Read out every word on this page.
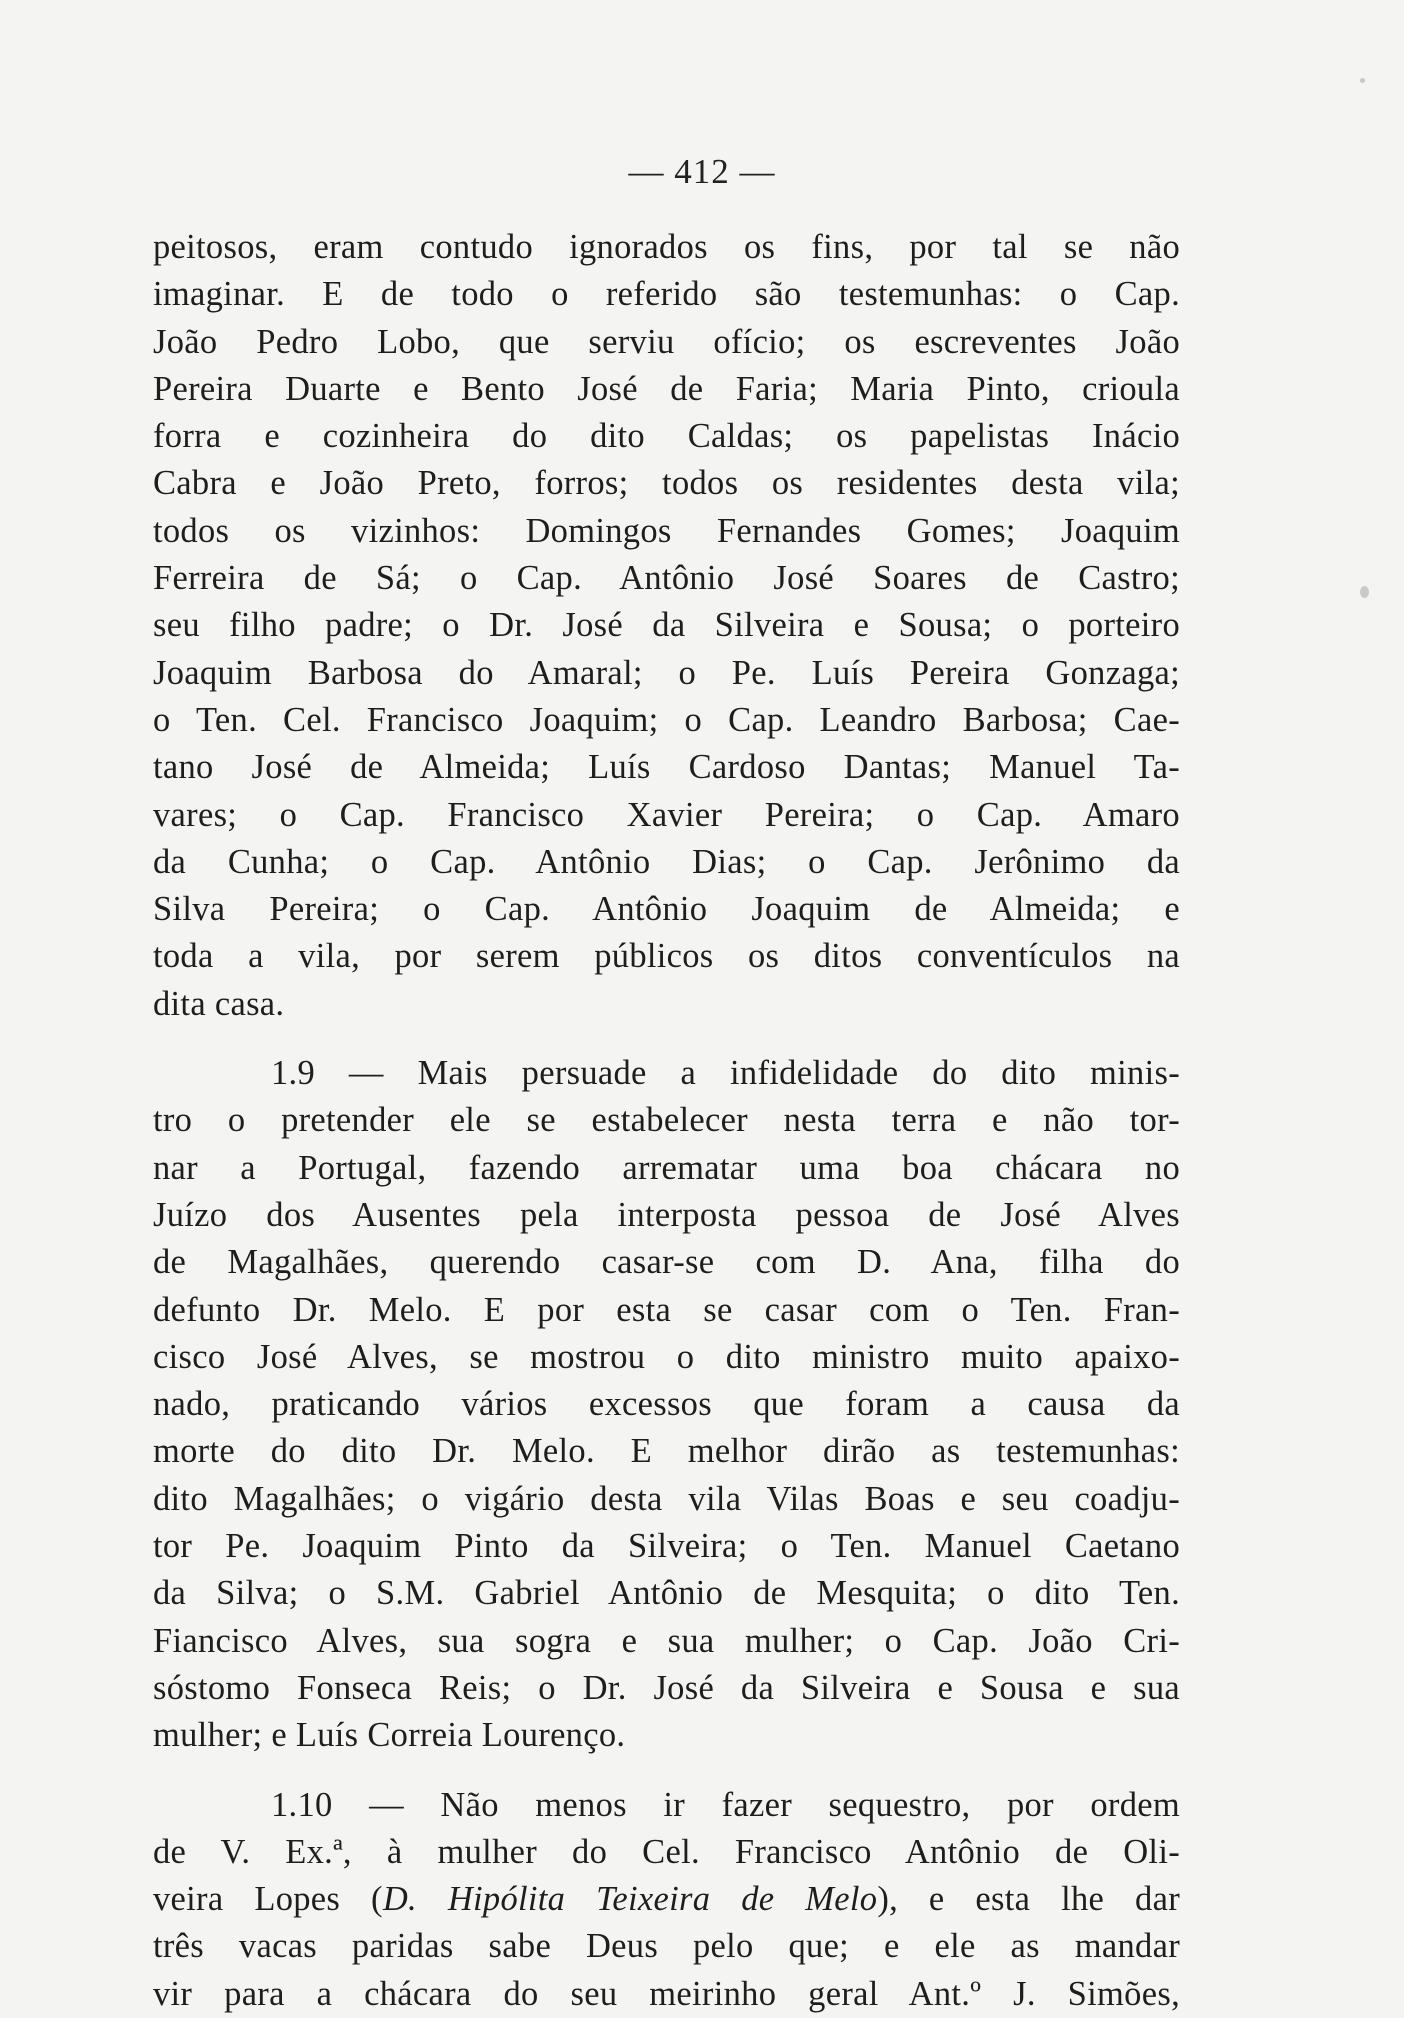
— 412 —
peitosos, eram contudo ignorados os fins, por tal se não
imaginar. E de todo o referido são testemunhas: o Cap.
João Pedro Lobo, que serviu ofício; os escreventes João
Pereira Duarte e Bento José de Faria; Maria Pinto, crioula
forra e cozinheira do dito Caldas; os papelistas Inácio
Cabra e João Preto, forros; todos os residentes desta vila;
todos os vizinhos: Domingos Fernandes Gomes; Joaquim
Ferreira de Sá; o Cap. Antônio José Soares de Castro;
seu filho padre; o Dr. José da Silveira e Sousa; o porteiro
Joaquim Barbosa do Amaral; o Pe. Luís Pereira Gonzaga;
o Ten. Cel. Francisco Joaquim; o Cap. Leandro Barbosa; Cae-
tano José de Almeida; Luís Cardoso Dantas; Manuel Ta-
vares; o Cap. Francisco Xavier Pereira; o Cap. Amaro
da Cunha; o Cap. Antônio Dias; o Cap. Jerônimo da
Silva Pereira; o Cap. Antônio Joaquim de Almeida; e
toda a vila, por serem públicos os ditos conventículos na
dita casa.
1.9 — Mais persuade a infidelidade do dito minis-
tro o pretender ele se estabelecer nesta terra e não tor-
nar a Portugal, fazendo arrematar uma boa chácara no
Juízo dos Ausentes pela interposta pessoa de José Alves
de Magalhães, querendo casar-se com D. Ana, filha do
defunto Dr. Melo. E por esta se casar com o Ten. Fran-
cisco José Alves, se mostrou o dito ministro muito apaixo-
nado, praticando vários excessos que foram a causa da
morte do dito Dr. Melo. E melhor dirão as testemunhas:
dito Magalhães; o vigário desta vila Vilas Boas e seu coadju-
tor Pe. Joaquim Pinto da Silveira; o Ten. Manuel Caetano
da Silva; o S.M. Gabriel Antônio de Mesquita; o dito Ten.
Fiancisco Alves, sua sogra e sua mulher; o Cap. João Cri-
sóstomo Fonseca Reis; o Dr. José da Silveira e Sousa e sua
mulher; e Luís Correia Lourenço.
1.10 — Não menos ir fazer sequestro, por ordem
de V. Ex.ª, à mulher do Cel. Francisco Antônio de Oli-
veira Lopes (D. Hipólita Teixeira de Melo), e esta lhe dar
três vacas paridas sabe Deus pelo que; e ele as mandar
vir para a chácara do seu meirinho geral Ant.º J. Simões,
